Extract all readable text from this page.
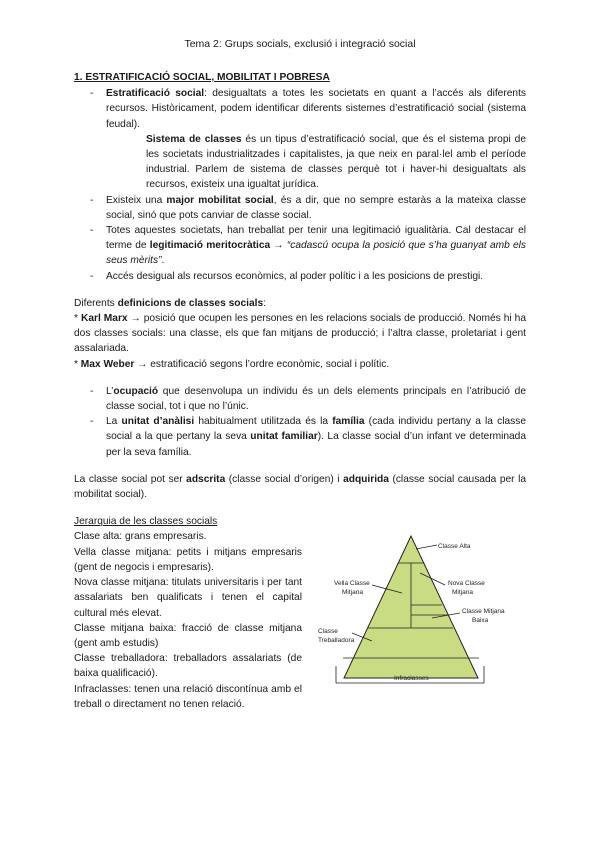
Tema 2: Grups socials, exclusió i integració social
1. ESTRATIFICACIÓ SOCIAL, MOBILITAT I POBRESA
- Estratificació social: desigualtats a totes les societats en quant a l’accés als diferents recursos. Històricament, podem identificar diferents sistemes d’estratificació social (sistema feudal).
Sistema de classes és un tipus d’estratificació social, que és el sistema propi de les societats industrialitzades i capitalistes, ja que neix en paral·lel amb el període industrial. Parlem de sistema de classes perquè tot i haver-hi desigualtats als recursos, existeix una igualtat jurídica.
- Existeix una major mobilitat social, és a dir, que no sempre estaràs a la mateixa classe social, sinó que pots canviar de classe social.
- Totes aquestes societats, han treballat per tenir una legitimació igualitària. Cal destacar el terme de legitimació meritocràtica → “cadascú ocupa la posició que s’ha guanyat amb els seus mèrits”.
- Accés desigual als recursos econòmics, al poder polític i a les posicions de prestigi.
Diferents definicions de classes socials:
* Karl Marx → posició que ocupen les persones en les relacions socials de producció. Només hi ha dos classes socials: una classe, els que fan mitjans de producció; i l’altra classe, proletariat i gent assalariada.
* Max Weber → estratificació segons l’ordre econòmic, social i polític.
- L’ocupació que desenvolupa un individu és un dels elements principals en l’atribució de classe social, tot i que no l’únic.
- La unitat d’anàlisi habitualment utilitzada és la família (cada individu pertany a la classe social a la que pertany la seva unitat familiar). La classe social d’un infant ve determinada per la seva família.
La classe social pot ser adscrita (classe social d’origen) i adquirida (classe social causada per la mobilitat social).
Jerarquia de les classes socials
Clase alta: grans empresaris.
Vella classe mitjana: petits i mitjans empresaris (gent de negocis i empresaris).
Nova classe mitjana: titulats universitaris i per tant assalariats ben qualificats i tenen el capital cultural més elevat.
Classe mitjana baixa: fracció de classe mitjana (gent amb estudis)
Classe treballadora: treballadors assalariats (de baixa qualificació).
Infraclasses: tenen una relació discontínua amb el treball o directament no tenen relació.
Classe Alta
Vella Classe
Mitjana
Nova Classe
Mitjana
Classe Mitjana
Baixa
Classe
Treballadora
Infraclasses
